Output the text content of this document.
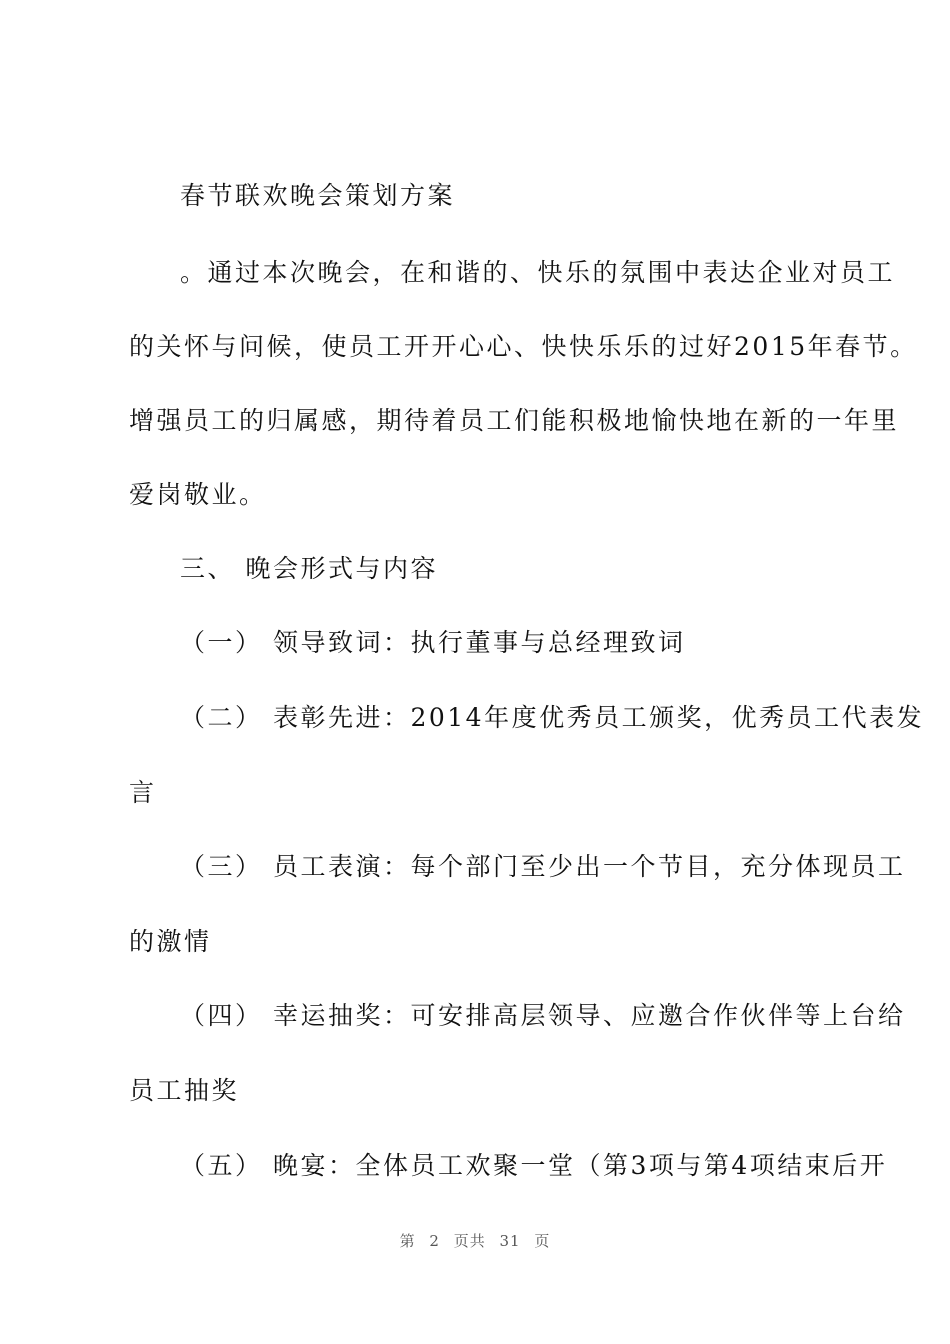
春节联欢晚会策划方案
。通过本次晚会，在和谐的、快乐的氛围中表达企业对员工
的关怀与问候，使员工开开心心、快快乐乐的过好2015年春节。
增强员工的归属感，期待着员工们能积极地愉快地在新的一年里
爱岗敬业。
三、 晚会形式与内容
（一） 领导致词：执行董事与总经理致词
（二） 表彰先进：2014年度优秀员工颁奖，优秀员工代表发
言
（三） 员工表演：每个部门至少出一个节目，充分体现员工
的激情
（四） 幸运抽奖：可安排高层领导、应邀合作伙伴等上台给
员工抽奖
（五） 晚宴：全体员工欢聚一堂（第3项与第4项结束后开
第 2 页共 31 页
